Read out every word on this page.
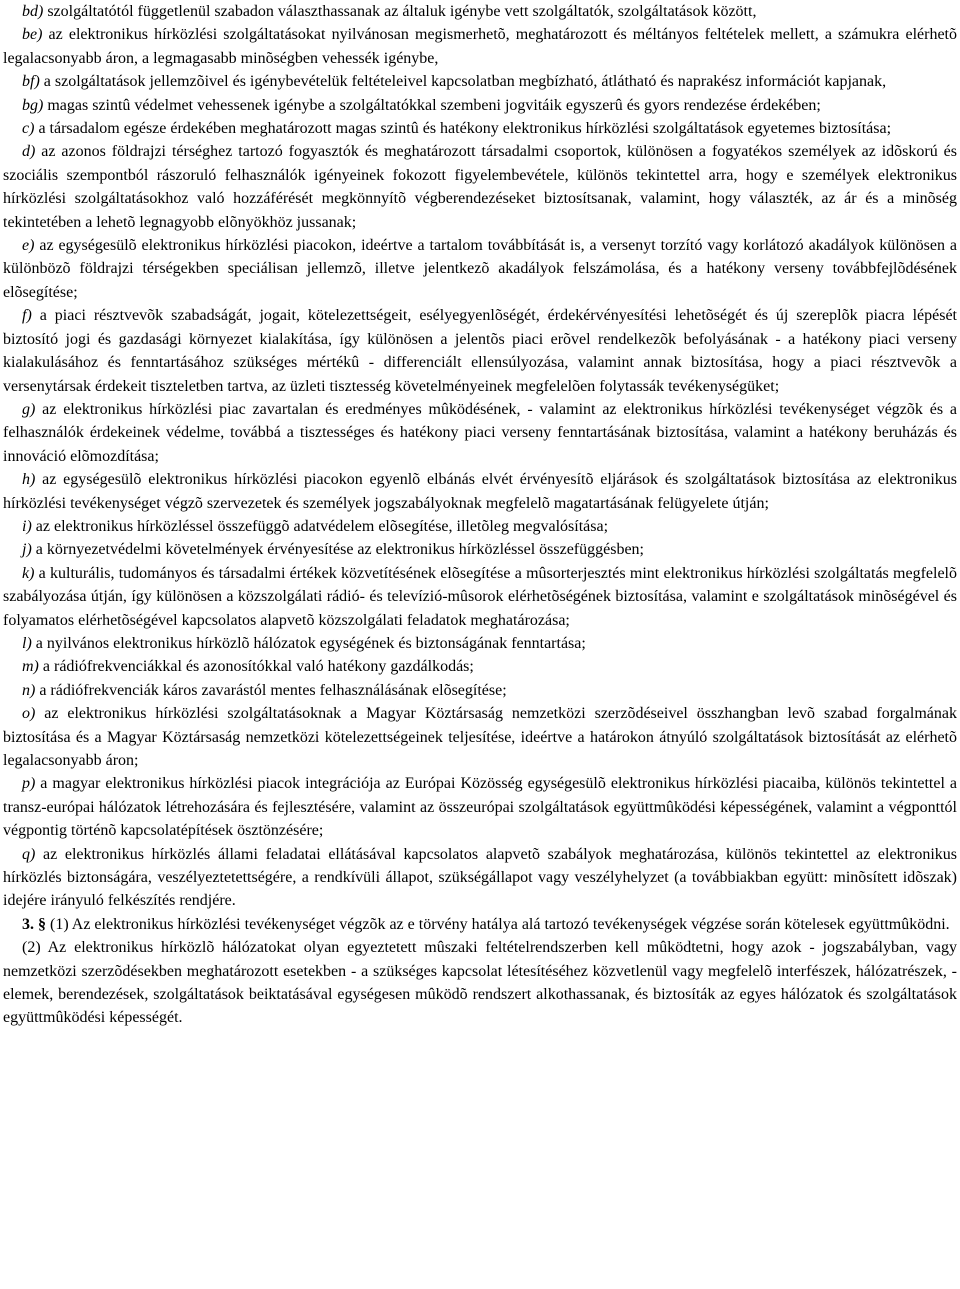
bd) szolgáltatótól függetlenül szabadon választhassanak az általuk igénybe vett szolgáltatók, szolgáltatások között,

be) az elektronikus hírközlési szolgáltatásokat nyilvánosan megismerhetõ, meghatározott és méltányos feltételek mellett, a számukra elérhetõ legalacsonyabb áron, a legmagasabb minõségben vehessék igénybe,

bf) a szolgáltatások jellemzõivel és igénybevételük feltételeivel kapcsolatban megbízható, átlátható és naprakész információt kapjanak,

bg) magas szintû védelmet vehessenek igénybe a szolgáltatókkal szembeni jogvitáik egyszerû és gyors rendezése érdekében;

c) a társadalom egésze érdekében meghatározott magas szintû és hatékony elektronikus hírközlési szolgáltatások egyetemes biztosítása;

d) az azonos földrajzi térséghez tartozó fogyasztók és meghatározott társadalmi csoportok, különösen a fogyatékos személyek az idõskorú és szociális szempontból rászoruló felhasználók igényeinek fokozott figyelembevétele, különös tekintettel arra, hogy e személyek elektronikus hírközlési szolgáltatásokhoz való hozzáférését megkönnyítõ végberendezéseket biztosítsanak, valamint, hogy választék, az ár és a minõség tekintetében a lehetõ legnagyobb elõnyökhöz jussanak;

e) az egységesülõ elektronikus hírközlési piacokon, ideértve a tartalom továbbítását is, a versenyt torzító vagy korlátozó akadályok különösen a különbözõ földrajzi térségekben speciálisan jellemzõ, illetve jelentkezõ akadályok felszámolása, és a hatékony verseny továbbfejlõdésének elõsegítése;

f) a piaci résztvevõk szabadságát, jogait, kötelezettségeit, esélyegyenlõségét, érdekérvényesítési lehetõségét és új szereplõk piacra lépését biztosító jogi és gazdasági környezet kialakítása, így különösen a jelentõs piaci erõvel rendelkezõk befolyásának - a hatékony piaci verseny kialakulásához és fenntartásához szükséges mértékû - differenciált ellensúlyozása, valamint annak biztosítása, hogy a piaci résztvevõk a versenytársak érdekeit tiszteletben tartva, az üzleti tisztesség követelményeinek megfelelõen folytassák tevékenységüket;

g) az elektronikus hírközlési piac zavartalan és eredményes mûködésének, - valamint az elektronikus hírközlési tevékenységet végzõk és a felhasználók érdekeinek védelme, továbbá a tisztességes és hatékony piaci verseny fenntartásának biztosítása, valamint a hatékony beruházás és innováció elõmozdítása;

h) az egységesülõ elektronikus hírközlési piacokon egyenlõ elbánás elvét érvényesítõ eljárások és szolgáltatások biztosítása az elektronikus hírközlési tevékenységet végzõ szervezetek és személyek jogszabályoknak megfelelõ magatartásának felügyelete útján;

i) az elektronikus hírközléssel összefüggõ adatvédelem elõsegítése, illetõleg megvalósítása;

j) a környezetvédelmi követelmények érvényesítése az elektronikus hírközléssel összefüggésben;

k) a kulturális, tudományos és társadalmi értékek közvetítésének elõsegítése a mûsorterjesztés mint elektronikus hírközlési szolgáltatás megfelelõ szabályozása útján, így különösen a közszolgálati rádió- és televízió-mûsorok elérhetõségének biztosítása, valamint e szolgáltatások minõségével és folyamatos elérhetõségével kapcsolatos alapvetõ közszolgálati feladatok meghatározása;

l) a nyilvános elektronikus hírközlõ hálózatok egységének és biztonságának fenntartása;

m) a rádiófrekvenciákkal és azonosítókkal való hatékony gazdálkodás;

n) a rádiófrekvenciák káros zavarástól mentes felhasználásának elõsegítése;

o) az elektronikus hírközlési szolgáltatásoknak a Magyar Köztársaság nemzetközi szerzõdéseivel összhangban levõ szabad forgalmának biztosítása és a Magyar Köztársaság nemzetközi kötelezettségeinek teljesítése, ideértve a határokon átnyúló szolgáltatások biztosítását az elérhetõ legalacsonyabb áron;

p) a magyar elektronikus hírközlési piacok integrációja az Európai Közösség egységesülõ elektronikus hírközlési piacaiba, különös tekintettel a transz-európai hálózatok létrehozására és fejlesztésére, valamint az összeurópai szolgáltatások együttmûködési képességének, valamint a végponttól végpontig történõ kapcsolatépítések ösztönzésére;

q) az elektronikus hírközlés állami feladatai ellátásával kapcsolatos alapvetõ szabályok meghatározása, különös tekintettel az elektronikus hírközlés biztonságára, veszélyeztetettségére, a rendkívüli állapot, szükségállapot vagy veszélyhelyzet (a továbbiakban együtt: minõsített idõszak) idejére irányuló felkészítés rendjére.

3. § (1) Az elektronikus hírközlési tevékenységet végzõk az e törvény hatálya alá tartozó tevékenységek végzése során kötelesek együttmûködni.

(2) Az elektronikus hírközlõ hálózatokat olyan egyeztetett mûszaki feltételrendszerben kell mûködtetni, hogy azok - jogszabályban, vagy nemzetközi szerzõdésekben meghatározott esetekben - a szükséges kapcsolat létesítéséhez közvetlenül vagy megfelelõ interfészek, hálózatrészek, -elemek, berendezések, szolgáltatások beiktatásával egységesen mûködõ rendszert alkothassanak, és biztosíták az egyes hálózatok és szolgáltatások együttmûködési képességét.
